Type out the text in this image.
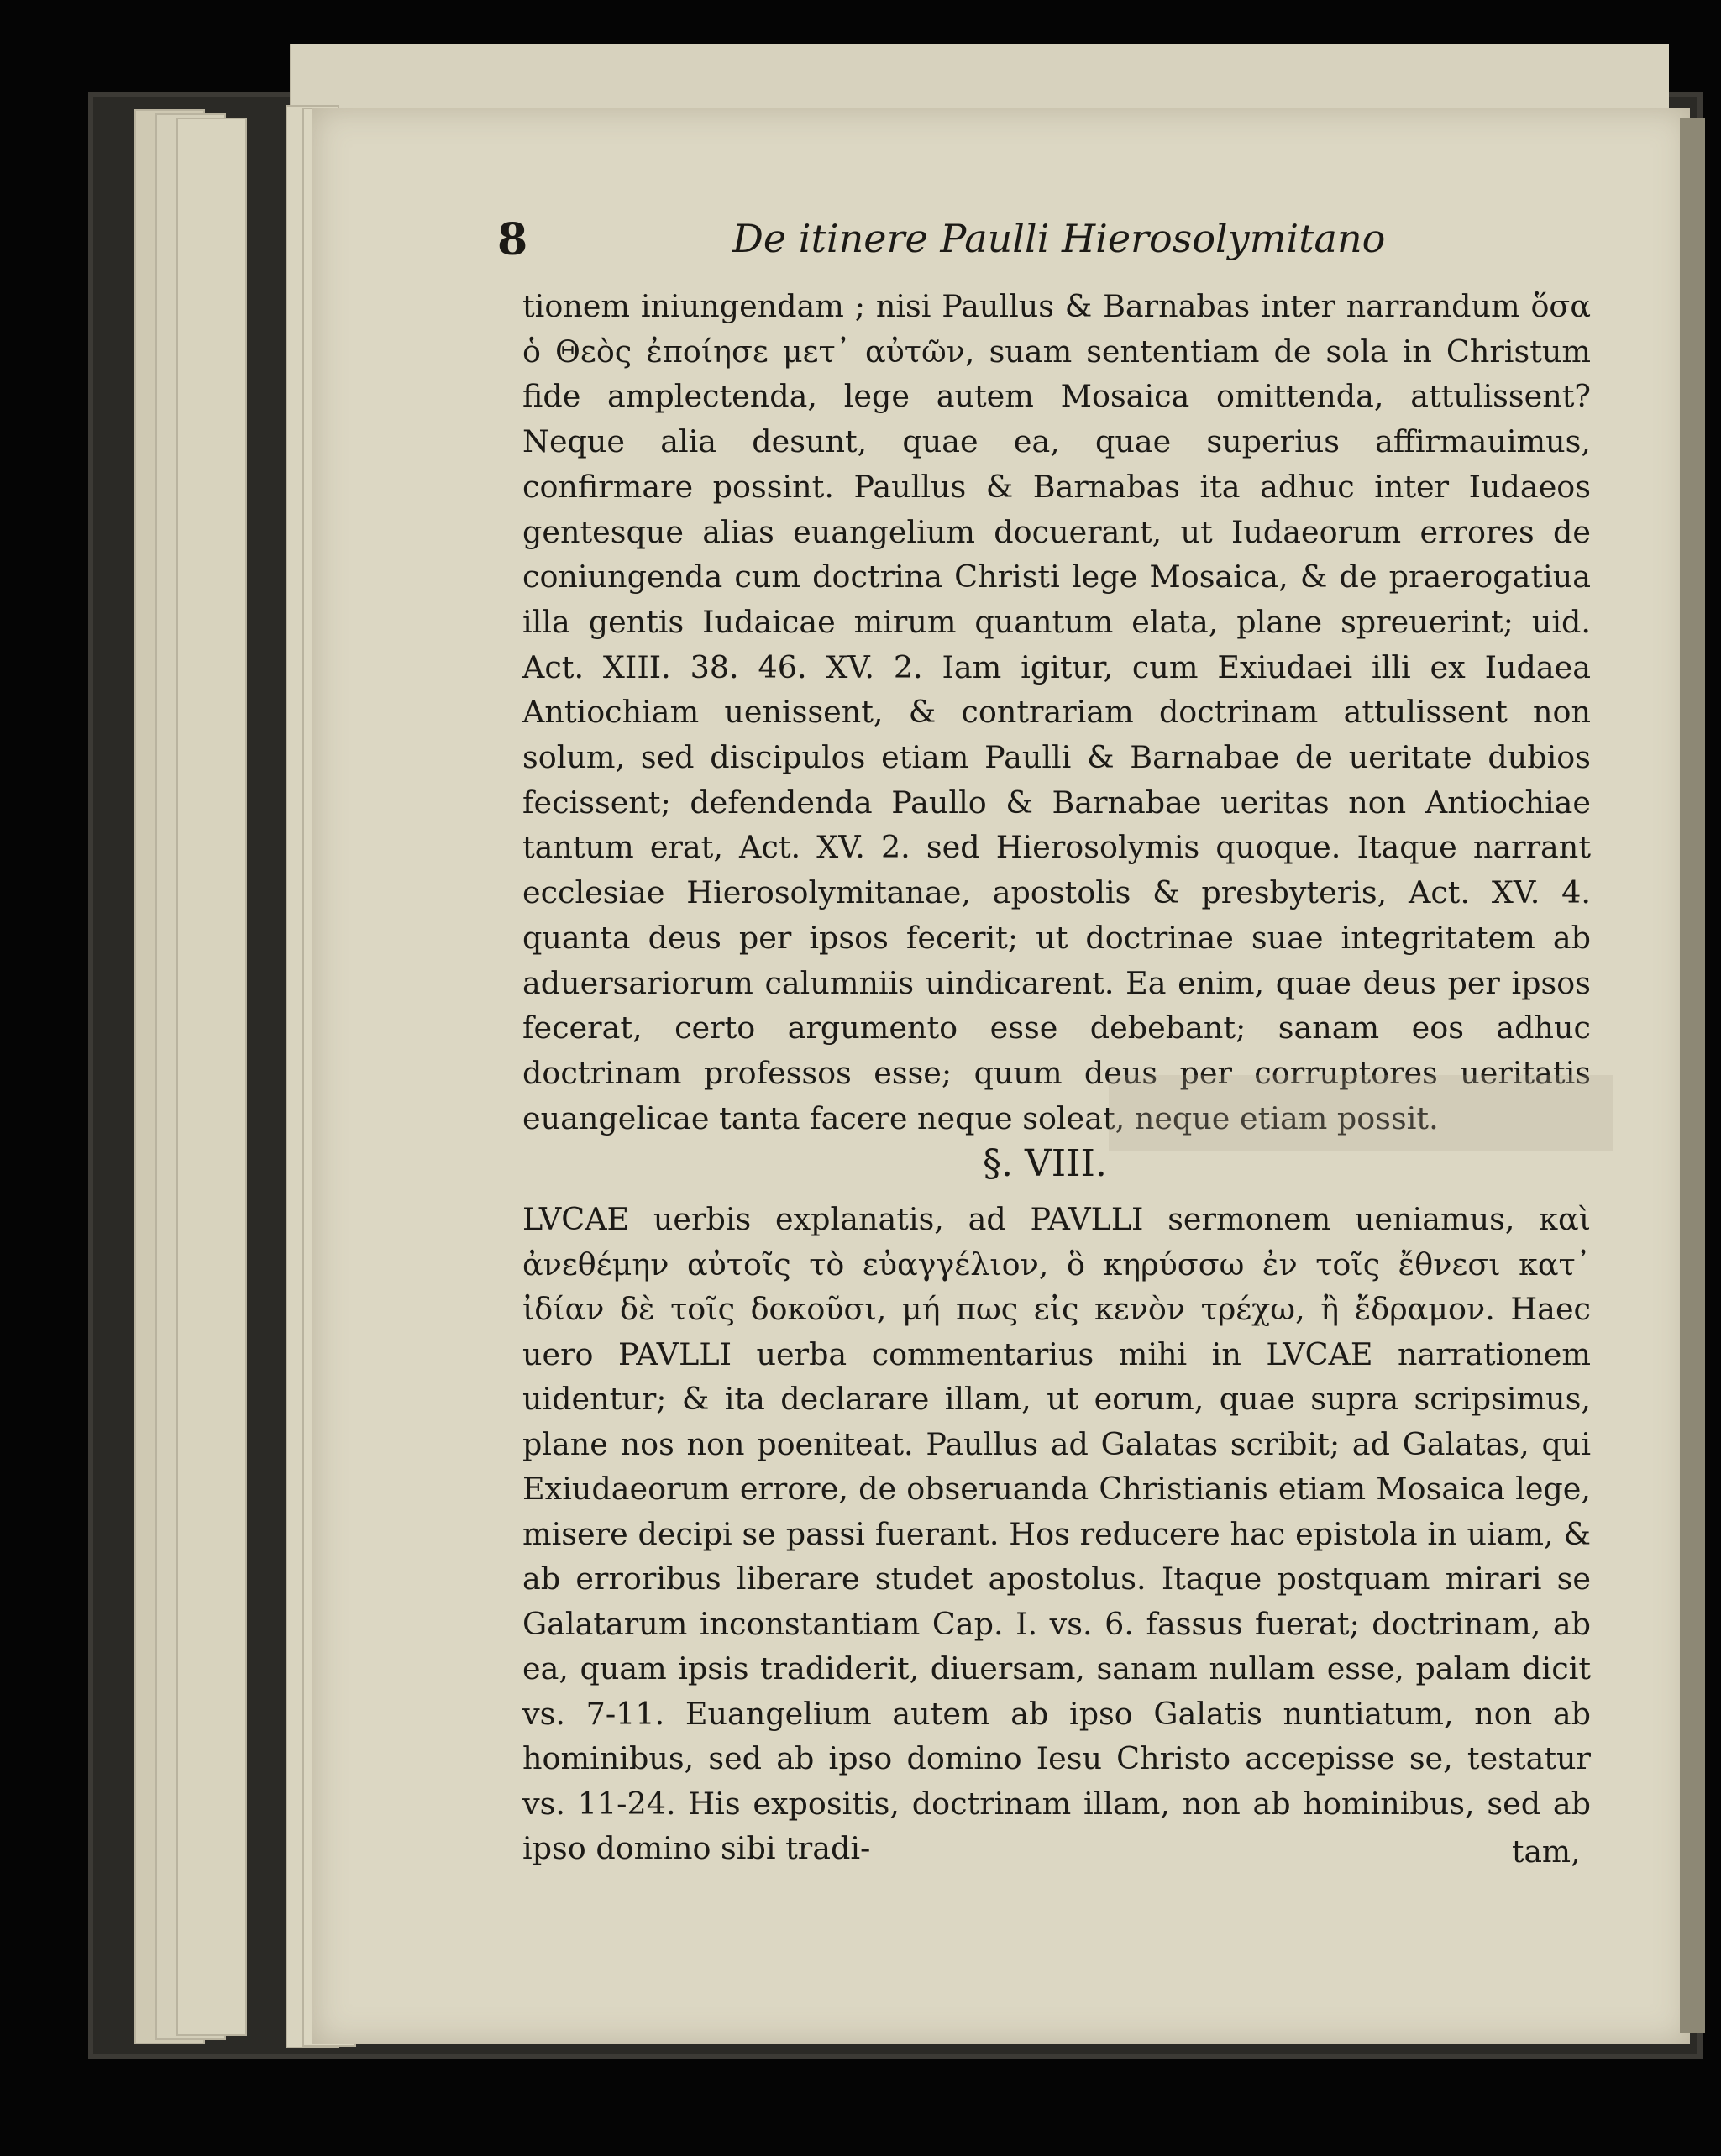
8	De itinere Paulli Hierosolymitano

tionem iniungendam ; nisi Paullus & Barnabas inter narrandum ὅσα ὁ Θεὸς ἐποίησε μετ᾽ αὐτῶν, suam sententiam de sola in Christum fide amplectenda, lege autem Mosaica omittenda, attulissent? Neque alia desunt, quae ea, quae superius affirmauimus, confirmare possint. Paullus & Barnabas ita adhuc inter Iudaeos gentesque alias euangelium docuerant, ut Iudaeorum errores de coniungenda cum doctrina Christi lege Mosaica, & de praerogatiua illa gentis Iudaicae mirum quantum elata, plane spreuerint; uid. Act. XIII. 38. 46. XV. 2. Iam igitur, cum Exiudaei illi ex Iudaea Antiochiam uenissent, & contrariam doctrinam attulissent non solum, sed discipulos etiam Paulli & Barnabae de ueritate dubios fecissent; defendenda Paullo & Barnabae ueritas non Antiochiae tantum erat, Act. XV. 2. sed Hierosolymis quoque. Itaque narrant ecclesiae Hierosolymitanae, apostolis & presbyteris, Act. XV. 4. quanta deus per ipsos fecerit; ut doctrinae suae integritatem ab aduersariorum calumniis uindicarent. Ea enim, quae deus per ipsos fecerat, certo argumento esse debebant; sanam eos adhuc doctrinam professos esse; quum deus per corruptores ueritatis euangelicae tanta facere neque soleat, neque etiam possit.

§. VIII.

LVCAE uerbis explanatis, ad PAVLLI sermonem ueniamus, καὶ ἀνεθέμην αὐτοῖς τὸ εὐαγγέλιον, ὃ κηρύσσω ἐν τοῖς ἔθνεσι κατ᾽ ἰδίαν δὲ τοῖς δοκοῦσι, μή πως εἰς κενὸν τρέχω, ἢ ἔδραμον. Haec uero PAVLLI uerba commentarius mihi in LVCAE narrationem uidentur; & ita declarare illam, ut eorum, quae supra scripsimus, plane nos non poeniteat. Paullus ad Galatas scribit; ad Galatas, qui Exiudaeorum errore, de obseruanda Christianis etiam Mosaica lege, misere decipi se passi fuerant. Hos reducere hac epistola in uiam, & ab erroribus liberare studet apostolus. Itaque postquam mirari se Galatarum inconstantiam Cap. I. vs. 6. fassus fuerat; doctrinam, ab ea, quam ipsis tradiderit, diuersam, sanam nullam esse, palam dicit vs. 7-11. Euangelium autem ab ipso Galatis nuntiatum, non ab hominibus, sed ab ipso domino Iesu Christo accepisse se, testatur vs. 11-24. His expositis, doctrinam illam, non ab hominibus, sed ab ipso domino sibi tradi-	tam,
